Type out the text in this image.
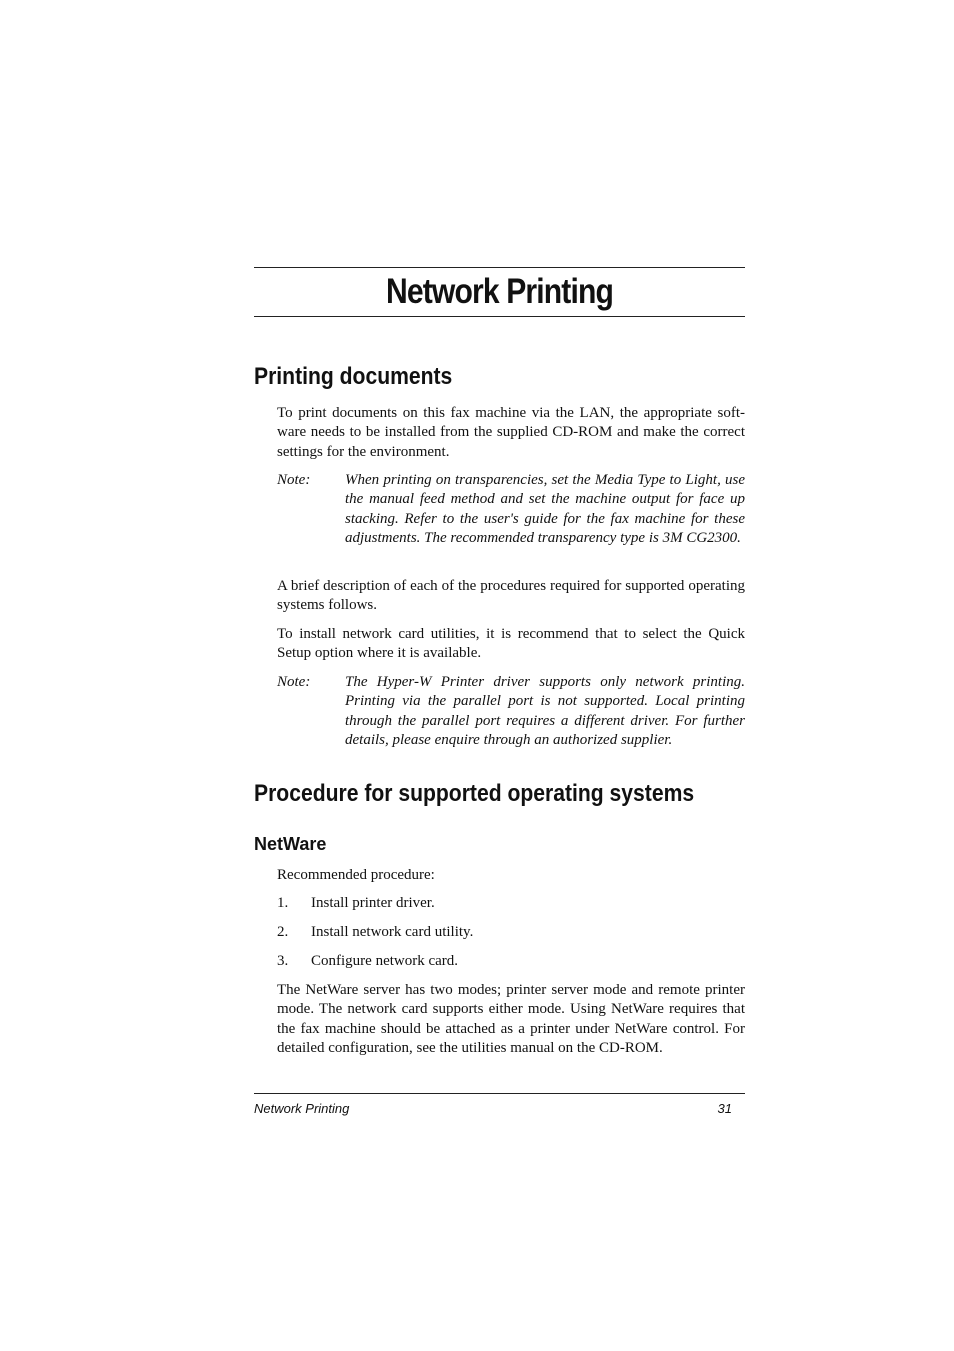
Network Printing
Printing documents

To print documents on this fax machine via the LAN, the appropriate software needs to be installed from the supplied CD-ROM and make the correct settings for the environment.

Note:	When printing on transparencies, set the Media Type to Light, use the manual feed method and set the machine output for face up stacking. Refer to the user's guide for the fax machine for these adjustments. The recommended transparency type is 3M CG2300.

A brief description of each of the procedures required for supported operating systems follows.

To install network card utilities, it is recommend that to select the Quick Setup option where it is available.

Note:	The Hyper-W Printer driver supports only network printing. Printing via the parallel port is not supported. Local printing through the parallel port requires a different driver. For further details, please enquire through an authorized supplier.
Procedure for supported operating systems
NetWare

Recommended procedure:

1. Install printer driver.

2. Install network card utility.

3. Configure network card.

The NetWare server has two modes; printer server mode and remote printer mode. The network card supports either mode. Using NetWare requires that the fax machine should be attached as a printer under NetWare control. For detailed configuration, see the utilities manual on the CD-ROM.

Network Printing	31
